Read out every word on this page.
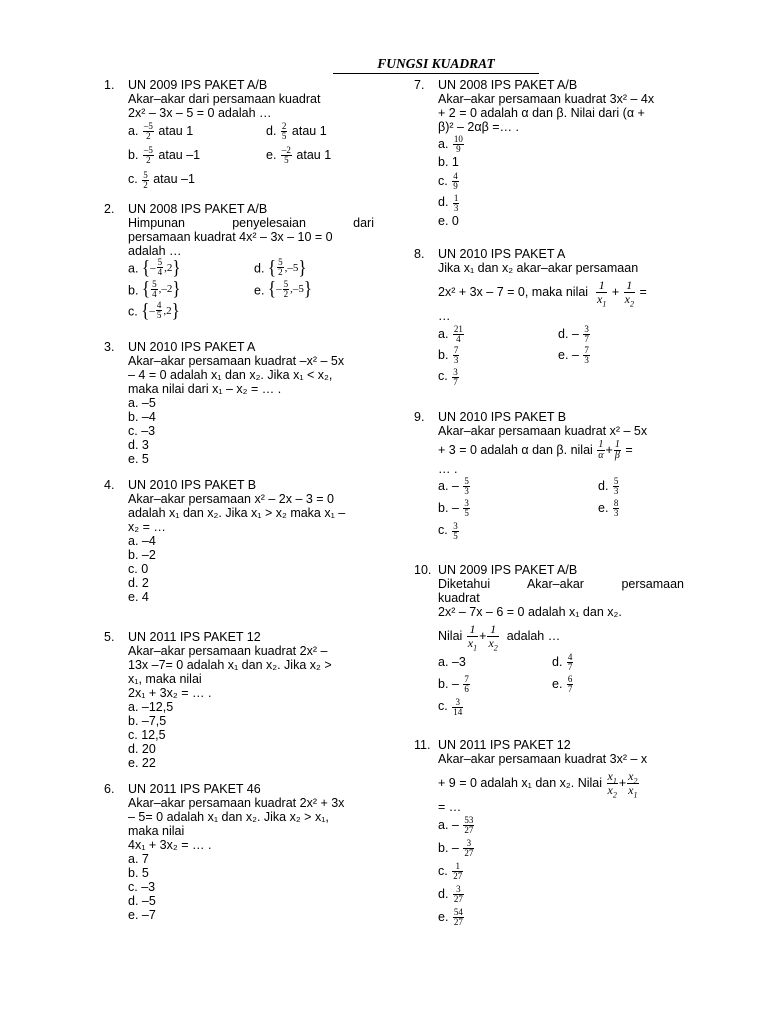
FUNGSI KUADRAT
1.	UN 2009 IPS PAKET A/B
Akar–akar dari persamaan kuadrat
2x² – 3x – 5 = 0 adalah …
a. $\frac{-5}{2}$ atau 1	d. $\frac{2}{5}$ atau 1
b. $\frac{-5}{2}$ atau –1	e. $\frac{-2}{5}$ atau 1
c. $\frac{5}{2}$ atau –1
2.	UN 2008 IPS PAKET A/B
Himpunan penyelesaian dari
persamaan kuadrat 4x² – 3x – 10 = 0
adalah …
a. { – $\frac{5}{4} ,2$ }	d. { $\frac{5}{2} ,-5$ }
b. { $\frac{5}{4} ,-2$ }	e. { – $\frac{5}{2} ,-5$ }
c. { – $\frac{4}{5} ,2$ }
3.	UN 2010 IPS PAKET A
Akar–akar persamaan kuadrat –x² – 5x
– 4 = 0 adalah x₁ dan x₂. Jika x₁ < x₂,
maka nilai dari x₁ – x₂ = … .
a. –5
b. –4
c. –3
d. 3
e. 5
4.	UN 2010 IPS PAKET B
Akar–akar persamaan x² – 2x – 3 = 0
adalah x₁ dan x₂. Jika x₁ > x₂ maka x₁ –
x₂ = …
a. –4
b. –2
c. 0
d. 2
e. 4
5.	UN 2011 IPS PAKET 12
Akar–akar persamaan kuadrat 2x² –
13x –7= 0 adalah x₁ dan x₂. Jika x₂ >
x₁, maka nilai
2x₁ + 3x₂ = … .
a. –12,5
b. –7,5
c. 12,5
d. 20
e. 22
6.	UN 2011 IPS PAKET 46
Akar–akar persamaan kuadrat 2x² + 3x
– 5= 0 adalah x₁ dan x₂. Jika x₂ > x₁,
maka nilai
4x₁ + 3x₂ = … .
a. 7
b. 5
c. –3
d. –5
e. –7
7.	UN 2008 IPS PAKET A/B
Akar–akar persamaan kuadrat 3x² – 4x
+ 2 = 0 adalah α dan β. Nilai dari (α +
β)² – 2αβ =… .
a. $\frac{10}{9}$
b. 1
c. $\frac{4}{9}$
d. $\frac{1}{3}$
e. 0
8.	UN 2010 IPS PAKET A
Jika x₁ dan x₂ akar–akar persamaan
2x² + 3x – 7 = 0, maka nilai $\frac{1}{x_1} + \frac{1}{x_2}$ =
…
a. $\frac{21}{4}$	d. – $\frac{3}{7}$
b. $\frac{7}{3}$	e. – $\frac{7}{3}$
c. $\frac{3}{7}$
9.	UN 2010 IPS PAKET B
Akar–akar persamaan kuadrat x² – 5x
+ 3 = 0 adalah α dan β. nilai $\frac{1}{\alpha} + \frac{1}{\beta}$ =
… .
a. – $\frac{5}{3}$	d. $\frac{5}{3}$
b. – $\frac{3}{5}$	e. $\frac{8}{3}$
c. $\frac{3}{5}$
10. UN 2009 IPS PAKET A/B
Diketahui Akar–akar persamaan
kuadrat
2x² – 7x – 6 = 0 adalah x₁ dan x₂.
Nilai $\frac{1}{x_1} + \frac{1}{x_2}$ adalah …
a. –3	d. $\frac{4}{7}$
b. – $\frac{7}{6}$	e. $\frac{6}{7}$
c. $\frac{3}{14}$
11. UN 2011 IPS PAKET 12
Akar–akar persamaan kuadrat 3x² – x
+ 9 = 0 adalah x₁ dan x₂. Nilai $\frac{x_1}{x_2} + \frac{x_2}{x_1}$
= …
a. – $\frac{53}{27}$
b. – $\frac{3}{27}$
c. $\frac{1}{27}$
d. $\frac{3}{27}$
e. $\frac{54}{27}$
